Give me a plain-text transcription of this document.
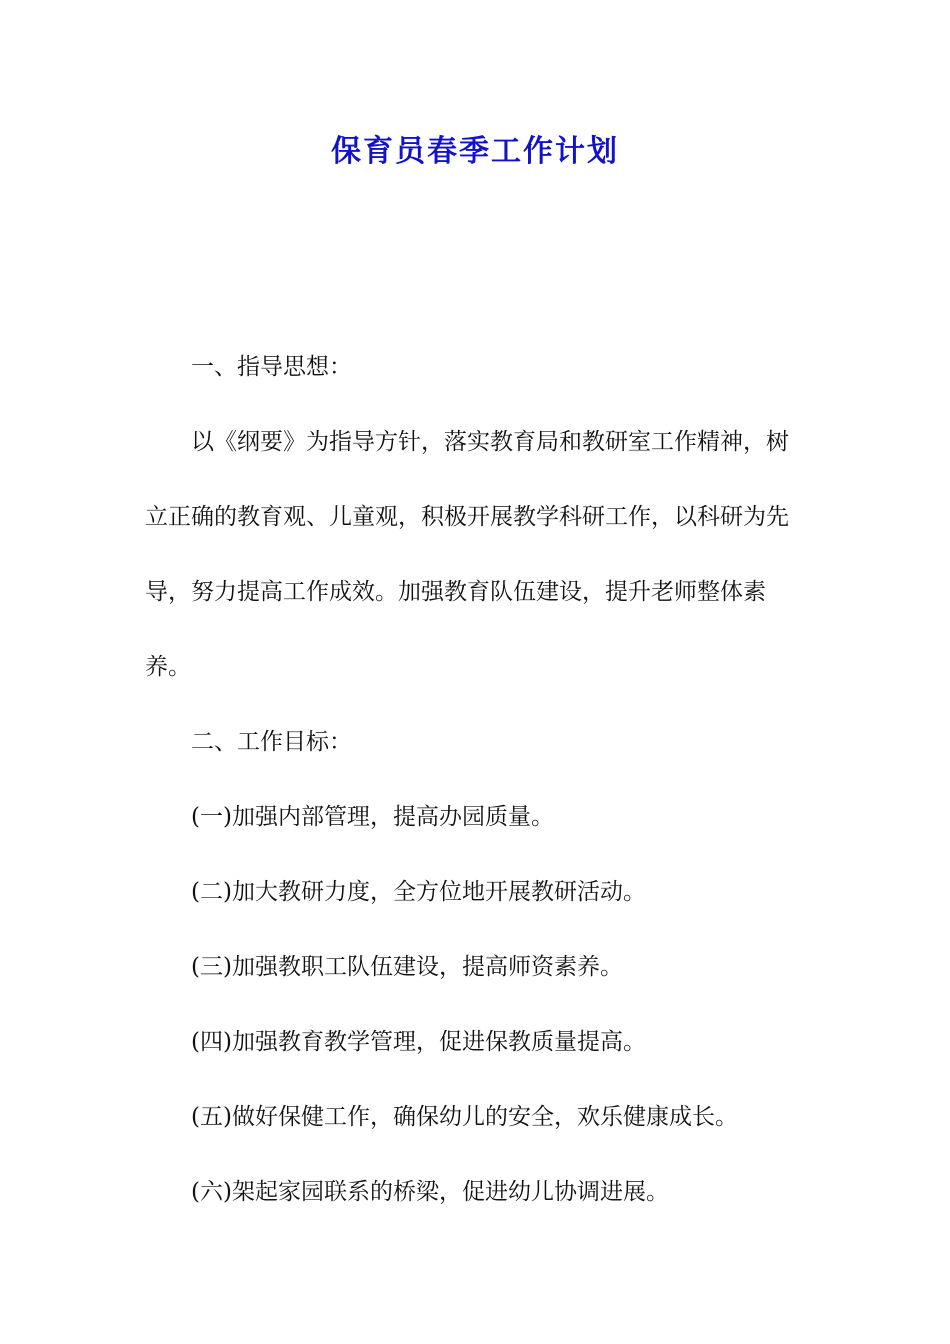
保育员春季工作计划

一、指导思想：

以《纲要》为指导方针，落实教育局和教研室工作精神，树立正确的教育观、儿童观，积极开展教学科研工作，以科研为先导，努力提高工作成效。加强教育队伍建设，提升老师整体素养。

二、工作目标：

(一)加强内部管理，提高办园质量。

(二)加大教研力度，全方位地开展教研活动。

(三)加强教职工队伍建设，提高师资素养。

(四)加强教育教学管理，促进保教质量提高。

(五)做好保健工作，确保幼儿的安全，欢乐健康成长。

(六)架起家园联系的桥梁，促进幼儿协调进展。
